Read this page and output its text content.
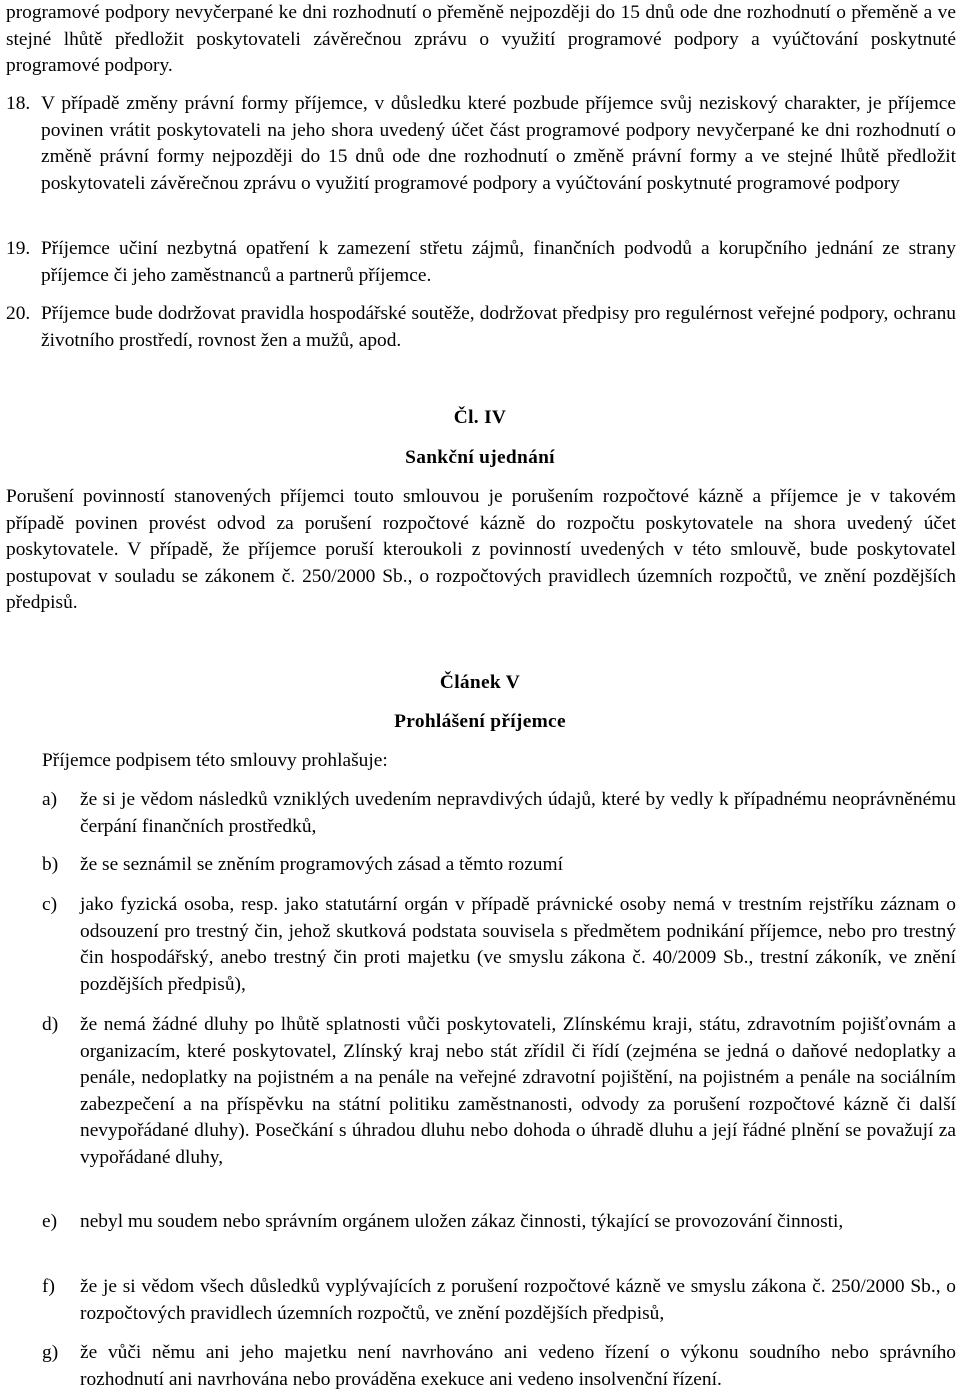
programové podpory nevyčerpané ke dni rozhodnutí o přeměně nejpozději do 15 dnů ode dne rozhodnutí o přeměně a ve stejné lhůtě předložit poskytovateli závěrečnou zprávu o využití programové podpory a vyúčtování poskytnuté programové podpory.

18. V případě změny právní formy příjemce, v důsledku které pozbude příjemce svůj neziskový charakter, je příjemce povinen vrátit poskytovateli na jeho shora uvedený účet část programové podpory nevyčerpané ke dni rozhodnutí o změně právní formy nejpozději do 15 dnů ode dne rozhodnutí o změně právní formy a ve stejné lhůtě předložit poskytovateli závěrečnou zprávu o využití programové podpory a vyúčtování poskytnuté programové podpory

19. Příjemce učiní nezbytná opatření k zamezení střetu zájmů, finančních podvodů a korupčního jednání ze strany příjemce či jeho zaměstnanců a partnerů příjemce.

20. Příjemce bude dodržovat pravidla hospodářské soutěže, dodržovat předpisy pro regulérnost veřejné podpory, ochranu životního prostředí, rovnost žen a mužů, apod.

Čl. IV

Sankční ujednání

Porušení povinností stanovených příjemci touto smlouvou je porušením rozpočtové kázně a příjemce je v takovém případě povinen provést odvod za porušení rozpočtové kázně do rozpočtu poskytovatele na shora uvedený účet poskytovatele. V případě, že příjemce poruší kteroukoli z povinností uvedených v této smlouvě, bude poskytovatel postupovat v souladu se zákonem č. 250/2000 Sb., o rozpočtových pravidlech územních rozpočtů, ve znění pozdějších předpisů.

Článek V

Prohlášení příjemce

Příjemce podpisem této smlouvy prohlašuje:

a)	že si je vědom následků vzniklých uvedením nepravdivých údajů, které by vedly k případnému neoprávněnému čerpání finančních prostředků,

b)	že se seznámil se zněním programových zásad a těmto rozumí

c)	jako fyzická osoba, resp. jako statutární orgán v případě právnické osoby nemá v trestním rejstříku záznam o odsouzení pro trestný čin, jehož skutková podstata souvisela s předmětem podnikání příjemce, nebo pro trestný čin hospodářský, anebo trestný čin proti majetku (ve smyslu zákona č. 40/2009 Sb., trestní zákoník, ve znění pozdějších předpisů),

d)	že nemá žádné dluhy po lhůtě splatnosti vůči poskytovateli, Zlínskému kraji, státu, zdravotním pojišťovnám a organizacím, které poskytovatel, Zlínský kraj nebo stát zřídil či řídí (zejména se jedná o daňové nedoplatky a penále, nedoplatky na pojistném a na penále na veřejné zdravotní pojištění, na pojistném a penále na sociálním zabezpečení a na příspěvku na státní politiku zaměstnanosti, odvody za porušení rozpočtové kázně či další nevypořádané dluhy). Posečkání s úhradou dluhu nebo dohoda o úhradě dluhu a její řádné plnění se považují za vypořádané dluhy,

e)	nebyl mu soudem nebo správním orgánem uložen zákaz činnosti, týkající se provozování činnosti,

f)	že je si vědom všech důsledků vyplývajících z porušení rozpočtové kázně ve smyslu zákona č. 250/2000 Sb., o rozpočtových pravidlech územních rozpočtů, ve znění pozdějších předpisů,

g)	že vůči němu ani jeho majetku není navrhováno ani vedeno řízení o výkonu soudního nebo správního rozhodnutí ani navrhována nebo prováděna exekuce ani vedeno insolvenční řízení.
